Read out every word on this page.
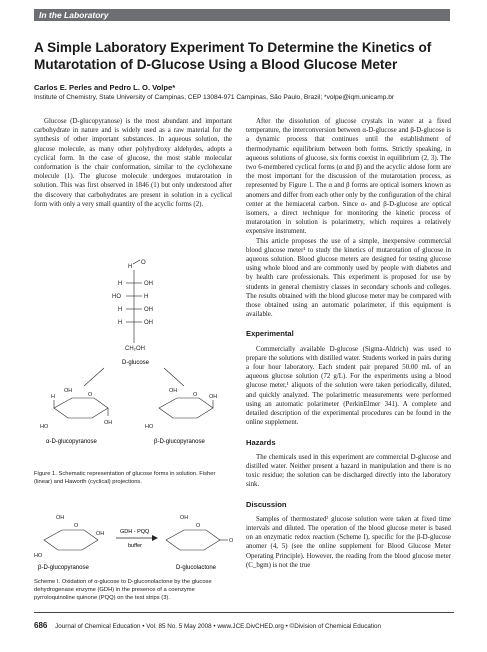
In the Laboratory
A Simple Laboratory Experiment To Determine the Kinetics of Mutarotation of D-Glucose Using a Blood Glucose Meter
Carlos E. Perles and Pedro L. O. Volpe*
Institute of Chemistry, State University of Campinas, CEP 13084-971 Campinas, São Paulo, Brazil; *volpe@iqm.unicamp.br

Glucose (D-glucopyranose) is the most abundant and important carbohydrate in nature and is widely used as a raw material for the synthesis of other important substances. In aqueous solution, the glucose molecule, as many other polyhydroxy aldehydes, adopts a cyclical form. In the case of glucose, the most stable molecular conformation is the chair conformation, similar to the cyclohexane molecule (1). The glucose molecule undergoes mutarotation in solution. This was first observed in 1846 (1) but only understood after the discovery that carbohydrates are present in solution in a cyclical form with only a very small quantity of the acyclic forms (2).

H
O
OH
HO	H
H
H	OH
H	OH
CH₂OH
D-glucose
H
OH
O
OH
HO
α-D-glucopyranose
OH
O
OH
HO
β-D-glucopyranose
Figure 1. Schematic representation of glucose forms in solution. Fisher (linear) and Haworth (cyclical) projections.
O
OH
OH
HO
β-D-glucopyranose
GDH - PQQ
buffer
O
O
OH
D-glucolactone
Scheme I. Oxidation of α-glucose to D-gluconolactone by the glucose dehydrogenase enzyme (GDH) in the presence of a coenzyme pyrroloquinoline quinone (PQQ) on the test strips (3).

After the dissolution of glucose crystals in water at a fixed temperature, the interconversion between α-D-glucose and β-D-glucose is a dynamic process that continues until the establishment of thermodynamic equilibrium between both forms. Strictly speaking, in aqueous solutions of glucose, six forms coexist in equilibrium (2, 3). The two 6-membered cyclical forms (α and β) and the acyclic aldose form are the most important for the discussion of the mutarotation process, as represented by Figure 1. The α and β forms are optical isomers known as anomers and differ from each other only by the configuration of the chiral center at the hemiacetal carbon. Since α- and β-D-glucose are optical isomers, a direct technique for monitoring the kinetic process of mutarotation in solution is polarimetry, which requires a relatively expensive instrument.

This article proposes the use of a simple, inexpensive commercial blood glucose meter¹ to study the kinetics of mutarotation of glucose in aqueous solution. Blood glucose meters are designed for testing glucose using whole blood and are commonly used by people with diabetes and by health care professionals. This experiment is proposed for use by students in general chemistry classes in secondary schools and colleges. The results obtained with the blood glucose meter may be compared with those obtained using an automatic polarimeter, if this equipment is available.

Experimental

Commercially available D-glucose (Sigma-Aldrich) was used to prepare the solutions with distilled water. Students worked in pairs during a four hour laboratory. Each student pair prepared 50.00 mL of an aqueous glucose solution (72 g/L). For the experiments using a blood glucose meter,¹ aliquots of the solution were taken periodically, diluted, and quickly analyzed. The polarimetric measurements were performed using an automatic polarimeter (PerkinElmer 341). A complete and detailed description of the experimental procedures can be found in the online supplement.

Hazards

The chemicals used in this experiment are commercial D-glucose and distilled water. Neither present a hazard in manipulation and there is no toxic residue; the solution can be discharged directly into the laboratory sink.

Discussion

Samples of thermostated² glucose solution were taken at fixed time intervals and diluted. The operation of the blood glucose meter is based on an enzymatic redox reaction (Scheme I), specific for the β-D-glucose anomer (4, 5) (see the online supplement for Blood Glucose Meter Operating Principle). However, the reading from the blood glucose meter (C_bgm) is not the true

686 Journal of Chemical Education • Vol. 85 No. 5 May 2008 • www.JCE.DivCHED.org • ©Division of Chemical Education
